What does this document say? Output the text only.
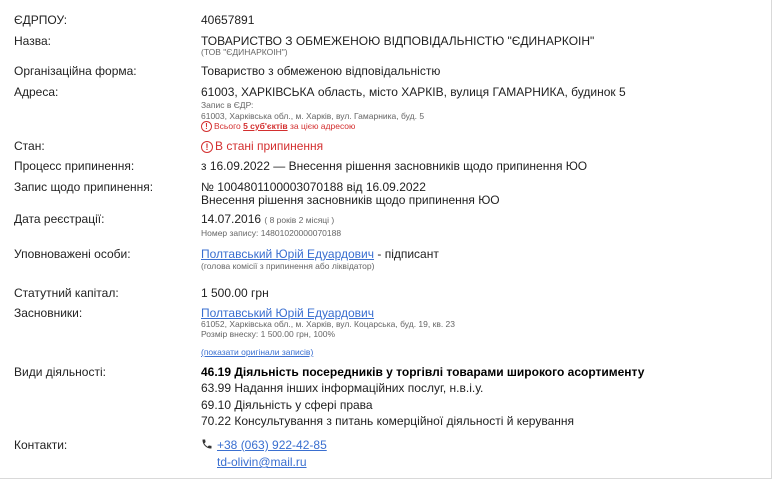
ЄДРПОУ:	40657891
Назва:	ТОВАРИСТВО З ОБМЕЖЕНОЮ ВІДПОВІДАЛЬНІСТЮ "ЄДИНАРКОІН"
(ТОВ "ЄДИНАРКОІН")
Організаційна форма:	Товариство з обмеженою відповідальністю
Адреса:	61003, ХАРКІВСЬКА область, місто ХАРКІВ, вулиця ГАМАРНИКА, будинок 5
Запис в ЄДР:
61003, Харківська обл., м. Харків, вул. Гамарника, буд. 5
! Всього 5 суб'єктів за цією адресою
Стан:	! В стані припинення
Процесс припинення:	з 16.09.2022 — Внесення рішення засновників щодо припинення ЮО
Запис щодо припинення:	№ 1004801100003070188 від 16.09.2022
Внесення рішення засновників щодо припинення ЮО
Дата реєстрації:	14.07.2016 ( 8 років 2 місяці )
Номер запису: 14801020000070188
Уповноважені особи:	Полтавський Юрій Едуардович - підписант
(голова комісії з припинення або ліквідатор)
Статутний капітал:	1 500.00 грн
Засновники:	Полтавський Юрій Едуардович
61052, Харківська обл., м. Харків, вул. Коцарська, буд. 19, кв. 23
Розмір внеску: 1 500.00 грн, 100%
(показати оригінали записів)
Види діяльності:	46.19 Діяльність посередників у торгівлі товарами широкого асортименту
63.99 Надання інших інформаційних послуг, н.в.і.у.
69.10 Діяльність у сфері права
70.22 Консультування з питань комерційної діяльності й керування
Контакти:	+38 (063) 922-42-85
td-olivin@mail.ru
